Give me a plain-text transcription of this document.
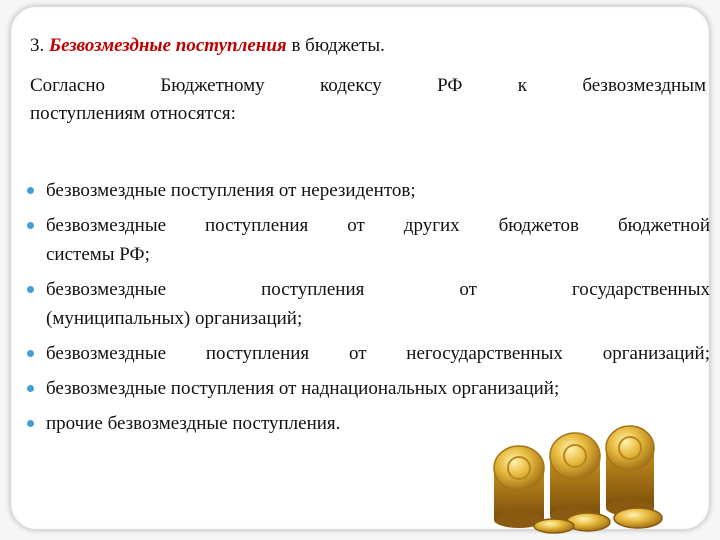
3. Безвозмездные поступления в бюджеты.
Согласно Бюджетному кодексу РФ к безвозмездным
поступлениям относятся:
безвозмездные поступления от нерезидентов;
безвозмездные поступления от других бюджетов бюджетной
системы РФ;
безвозмездные поступления от государственных
(муниципальных) организаций;
безвозмездные поступления от негосударственных организаций;
безвозмездные поступления от наднациональных организаций;
прочие безвозмездные поступления.
